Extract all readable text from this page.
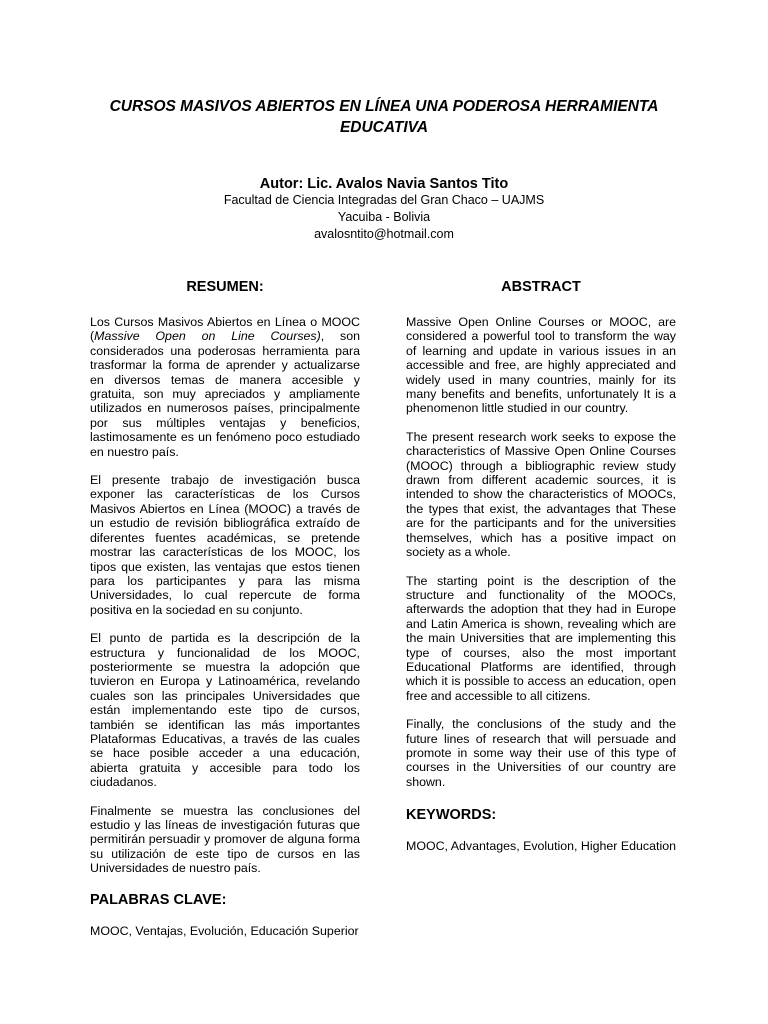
CURSOS MASIVOS ABIERTOS EN LÍNEA UNA PODEROSA HERRAMIENTA EDUCATIVA
Autor: Lic. Avalos Navia Santos Tito
Facultad de Ciencia Integradas del Gran Chaco – UAJMS
Yacuiba - Bolivia
avalosntito@hotmail.com
RESUMEN:

Los Cursos Masivos Abiertos en Línea o MOOC (Massive Open on Line Courses), son considerados una poderosas herramienta para trasformar la forma de aprender y actualizarse en diversos temas de manera accesible y gratuita, son muy apreciados y ampliamente utilizados en numerosos países, principalmente por sus múltiples ventajas y beneficios, lastimosamente es un fenómeno poco estudiado en nuestro país.

El presente trabajo de investigación busca exponer las características de los Cursos Masivos Abiertos en Línea (MOOC) a través de un estudio de revisión bibliográfica extraído de diferentes fuentes académicas, se pretende mostrar las características de los MOOC, los tipos que existen, las ventajas que estos tienen para los participantes y para las misma Universidades, lo cual repercute de forma positiva en la sociedad en su conjunto.

El punto de partida es la descripción de la estructura y funcionalidad de los MOOC, posteriormente se muestra la adopción que tuvieron en Europa y Latinoamérica, revelando cuales son las principales Universidades que están implementando este tipo de cursos, también se identifican las más importantes Plataformas Educativas, a través de las cuales se hace posible acceder a una educación, abierta gratuita y accesible para todo los ciudadanos.

Finalmente se muestra las conclusiones del estudio y las líneas de investigación futuras que permitirán persuadir y promover de alguna forma su utilización de este tipo de cursos en las Universidades de nuestro país.

PALABRAS CLAVE:

MOOC, Ventajas, Evolución, Educación Superior

ABSTRACT

Massive Open Online Courses or MOOC, are considered a powerful tool to transform the way of learning and update in various issues in an accessible and free, are highly appreciated and widely used in many countries, mainly for its many benefits and benefits, unfortunately It is a phenomenon little studied in our country.

The present research work seeks to expose the characteristics of Massive Open Online Courses (MOOC) through a bibliographic review study drawn from different academic sources, it is intended to show the characteristics of MOOCs, the types that exist, the advantages that These are for the participants and for the universities themselves, which has a positive impact on society as a whole.

The starting point is the description of the structure and functionality of the MOOCs, afterwards the adoption that they had in Europe and Latin America is shown, revealing which are the main Universities that are implementing this type of courses, also the most important Educational Platforms are identified, through which it is possible to access an education, open free and accessible to all citizens.

Finally, the conclusions of the study and the future lines of research that will persuade and promote in some way their use of this type of courses in the Universities of our country are shown.

KEYWORDS:

MOOC, Advantages, Evolution, Higher Education
